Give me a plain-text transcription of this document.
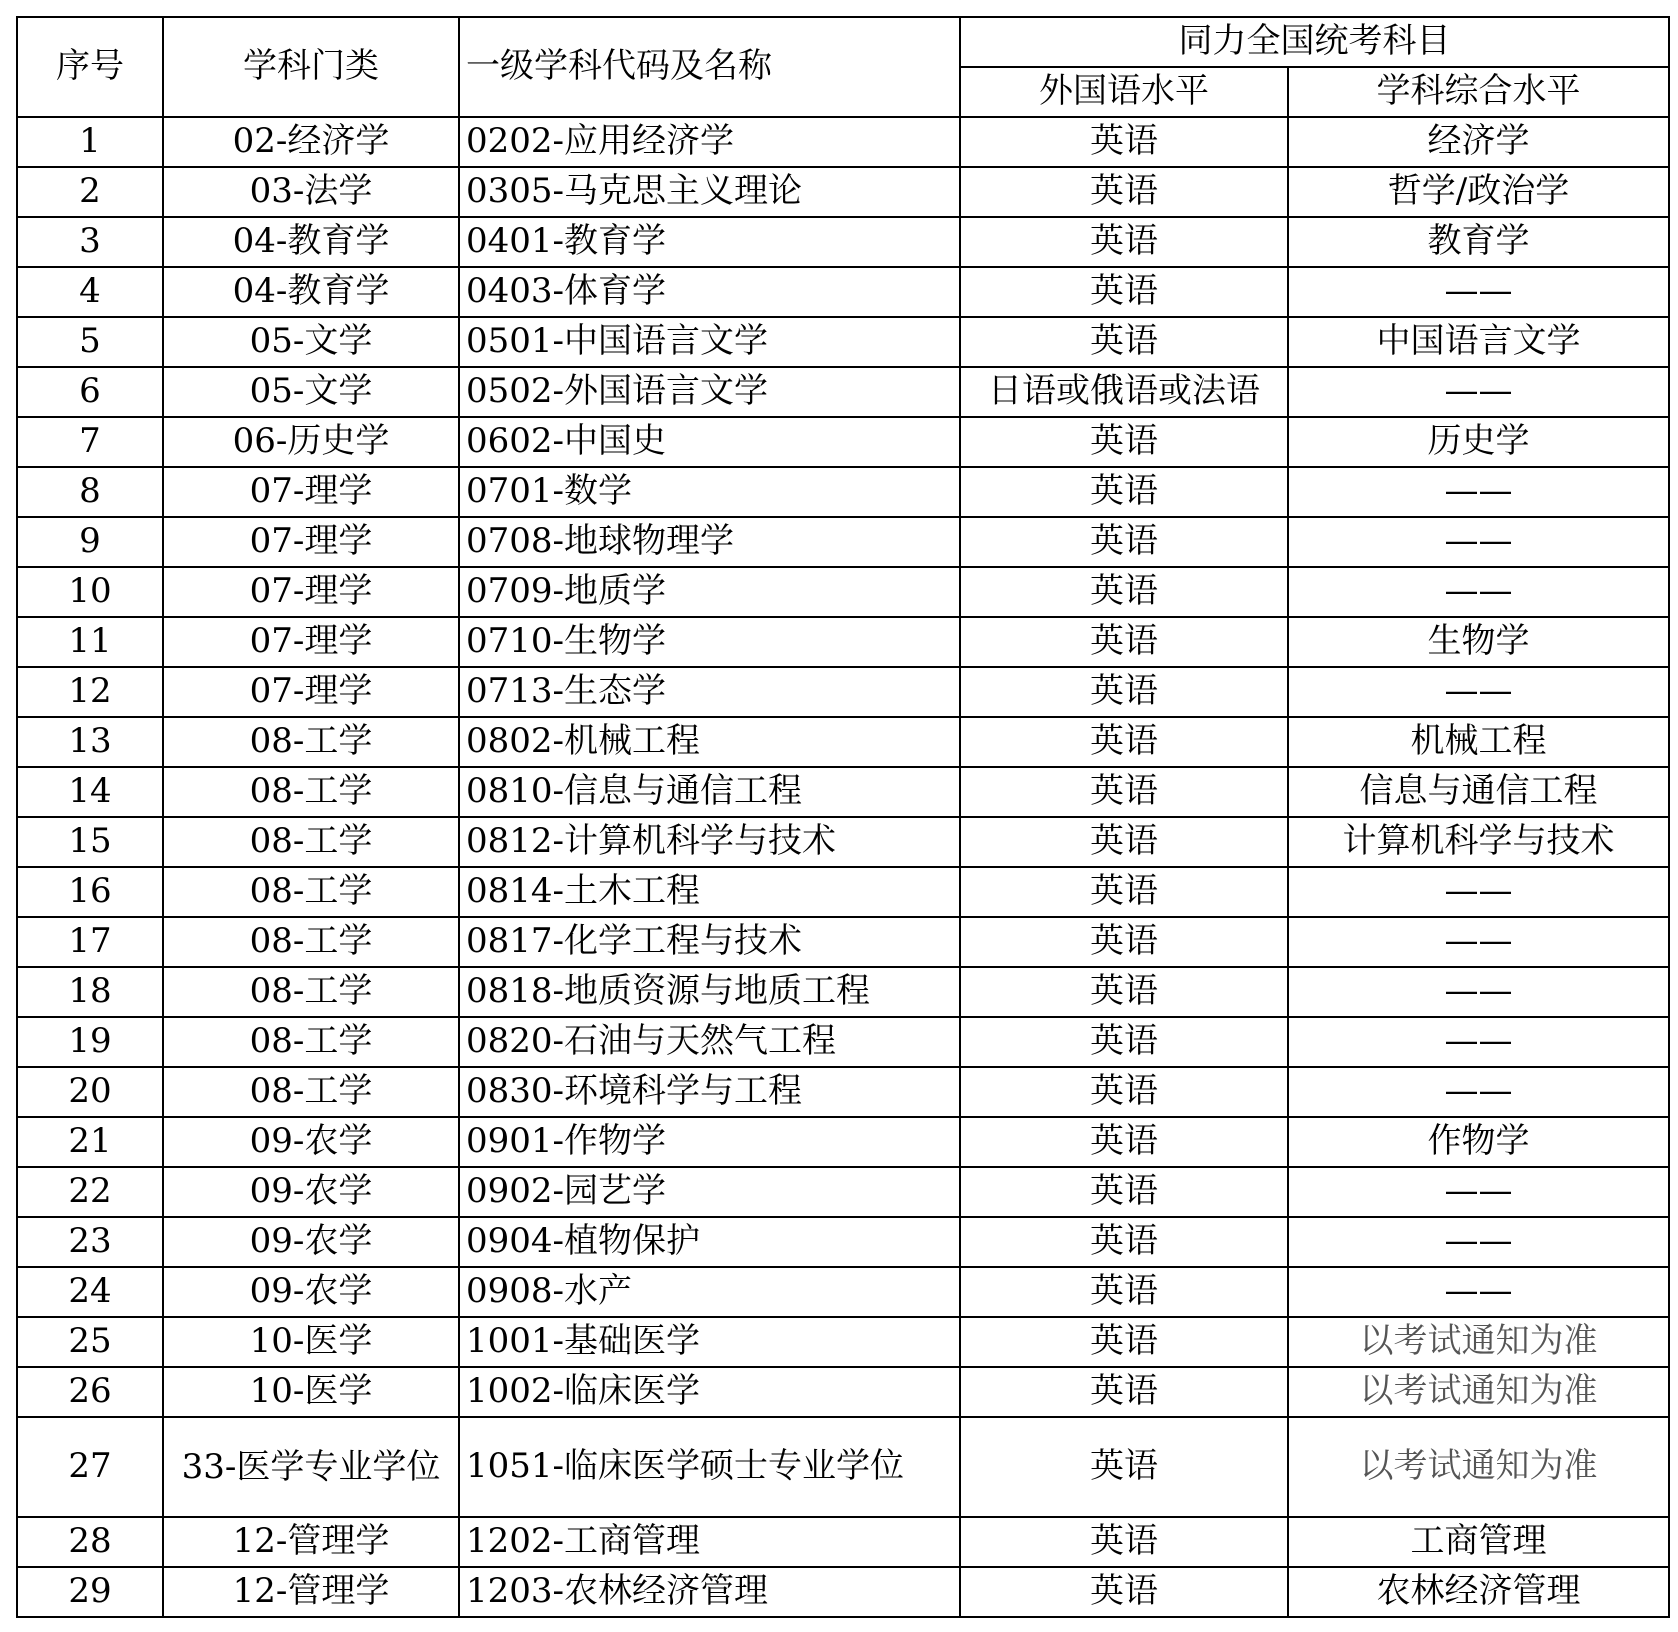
序号	学科门类	一级学科代码及名称	同力全国统考科目	
			外国语水平	学科综合水平
1	02-经济学	0202-应用经济学	英语	经济学
2	03-法学	0305-马克思主义理论	英语	哲学/政治学
3	04-教育学	0401-教育学	英语	教育学
4	04-教育学	0403-体育学	英语	——
5	05-文学	0501-中国语言文学	英语	中国语言文学
6	05-文学	0502-外国语言文学	日语或俄语或法语	——
7	06-历史学	0602-中国史	英语	历史学
8	07-理学	0701-数学	英语	——
9	07-理学	0708-地球物理学	英语	——
10	07-理学	0709-地质学	英语	——
11	07-理学	0710-生物学	英语	生物学
12	07-理学	0713-生态学	英语	——
13	08-工学	0802-机械工程	英语	机械工程
14	08-工学	0810-信息与通信工程	英语	信息与通信工程
15	08-工学	0812-计算机科学与技术	英语	计算机科学与技术
16	08-工学	0814-土木工程	英语	——
17	08-工学	0817-化学工程与技术	英语	——
18	08-工学	0818-地质资源与地质工程	英语	——
19	08-工学	0820-石油与天然气工程	英语	——
20	08-工学	0830-环境科学与工程	英语	——
21	09-农学	0901-作物学	英语	作物学
22	09-农学	0902-园艺学	英语	——
23	09-农学	0904-植物保护	英语	——
24	09-农学	0908-水产	英语	——
25	10-医学	1001-基础医学	英语	以考试通知为准
26	10-医学	1002-临床医学	英语	以考试通知为准
27	33-医学专业学位	1051-临床医学硕士专业学位	英语	以考试通知为准
28	12-管理学	1202-工商管理	英语	工商管理
29	12-管理学	1203-农林经济管理	英语	农林经济管理
